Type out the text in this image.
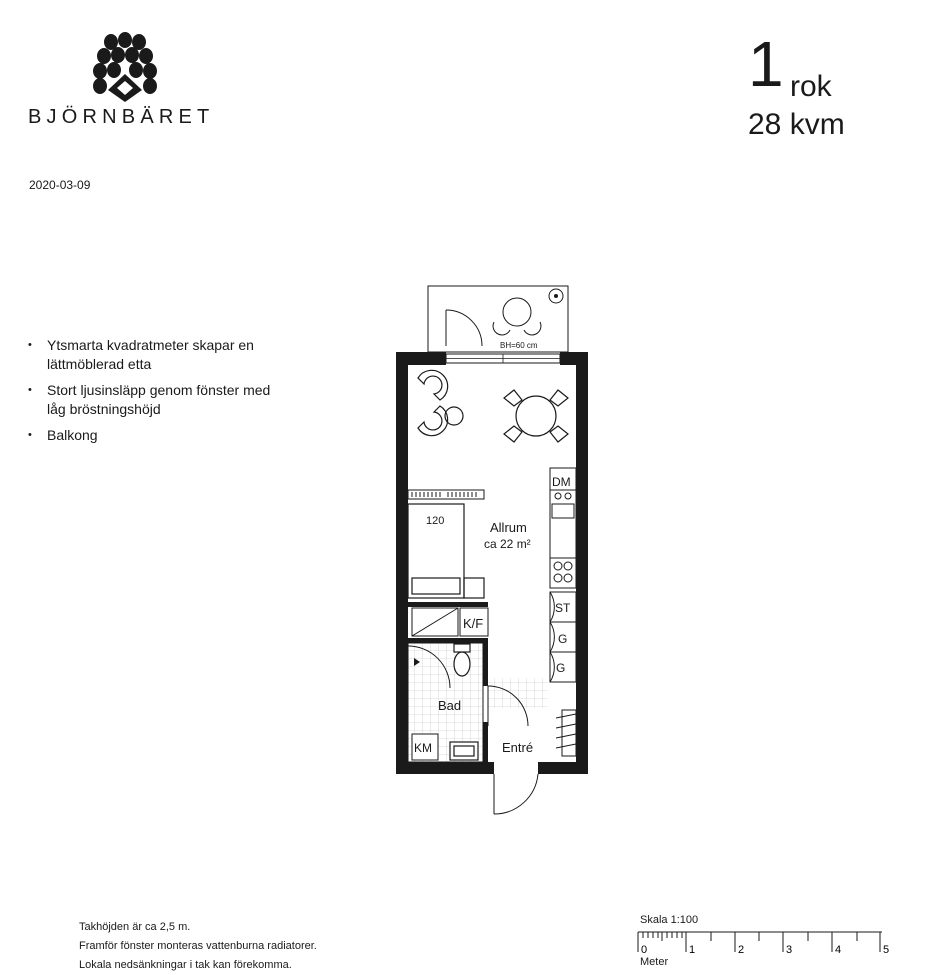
BJÖRNBÄRET
1 rok
28 kvm
2020-03-09
• Ytsmarta kvadratmeter skapar en lättmöblerad etta
• Stort ljusinsläpp genom fönster med låg bröstningshöjd
• Balkong
BH=60 cm
120	Allrum
ca 22 m²
DM
K/F
ST
G
G
Bad
KM	Entré
Takhöjden är ca 2,5 m.
Framför fönster monteras vattenburna radiatorer.
Lokala nedsänkningar i tak kan förekomma.
Skala 1:100
0	1	2	3	4	5
Meter
